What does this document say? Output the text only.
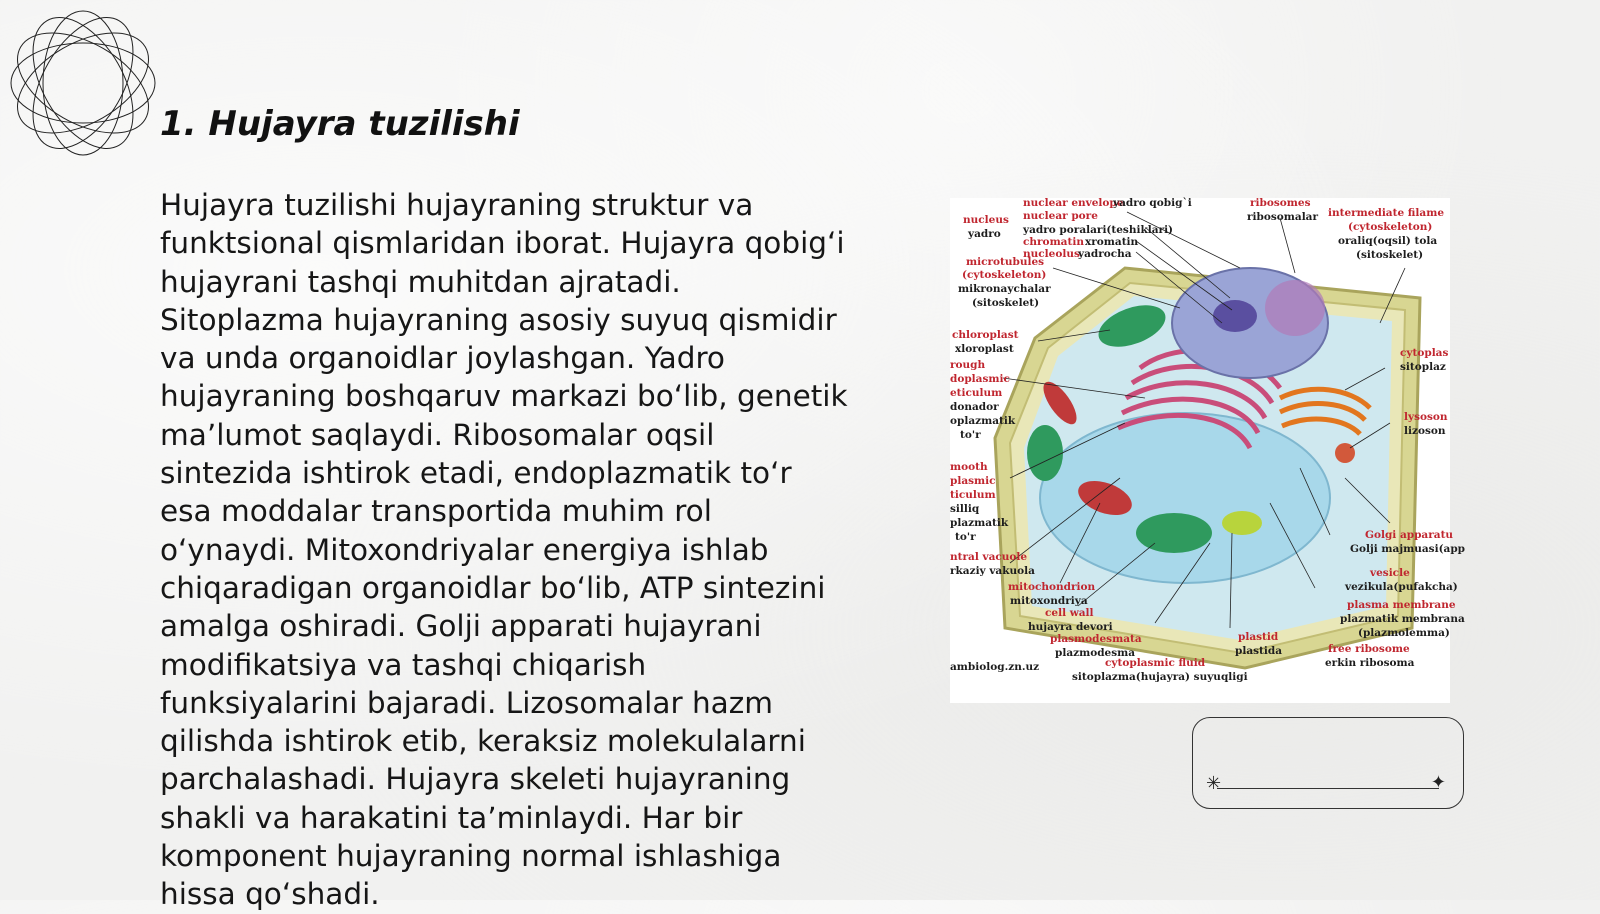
1. Hujayra tuzilishi

Hujayra tuzilishi hujayraning struktur va funktsional qismlaridan iborat. Hujayra qobig‘i hujayrani tashqi muhitdan ajratadi. Sitoplazma hujayraning asosiy suyuq qismidir va unda organoidlar joylashgan. Yadro hujayraning boshqaruv markazi bo‘lib, genetik ma’lumot saqlaydi. Ribosomalar oqsil sintezida ishtirok etadi, endoplazmatik to‘r esa moddalar transportida muhim rol o‘ynaydi. Mitoxondriyalar energiya ishlab chiqaradigan organoidlar bo‘lib, ATP sintezini amalga oshiradi. Golji apparati hujayrani modifikatsiya va tashqi chiqarish funksiyalarini bajaradi. Lizosomalar hazm qilishda ishtirok etib, keraksiz molekulalarni parchalashadi. Hujayra skeleti hujayraning shakli va harakatini ta’minlaydi. Har bir komponent hujayraning normal ishlashiga hissa qo‘shadi.

nucleus
yadro
nuclear envelope
yadro qobig`i
nuclear pore
yadro poralari(teshiklari)
chromatin xromatin
nucleolus
yadrocha
ribosomes
ribosomalar intermediate filame
(cytoskeleton)
oraliq(oqsil) tola
(sitoskelet)
microtubules
(cytoskeleton)
mikronaychalar
(sitoskelet)
chloroplast
xloroplast
rough
doplasmic
eticulum
donador
oplazmatik
to'r
mooth
plasmic
ticulum
silliq
plazmatik
to'r
ntral vacuole
rkaziy vakuola
cytoplas
sitoplaz
lysoson
lizoson
Golgi apparatu
Golji majmuasi(app
vesicle
vezikula(pufakcha)
plasma membrane
plazmatik membrana
(plazmolemma)
free ribosome
erkin ribosoma
plastid
plastida
mitochondrion
mitoxondriya
cell wall
hujayra devori
plasmodesmata
plazmodesma
cytoplasmic fluid
sitoplazma(hujayra) suyuqligi
ambiolog.zn.uz
✳	✦
